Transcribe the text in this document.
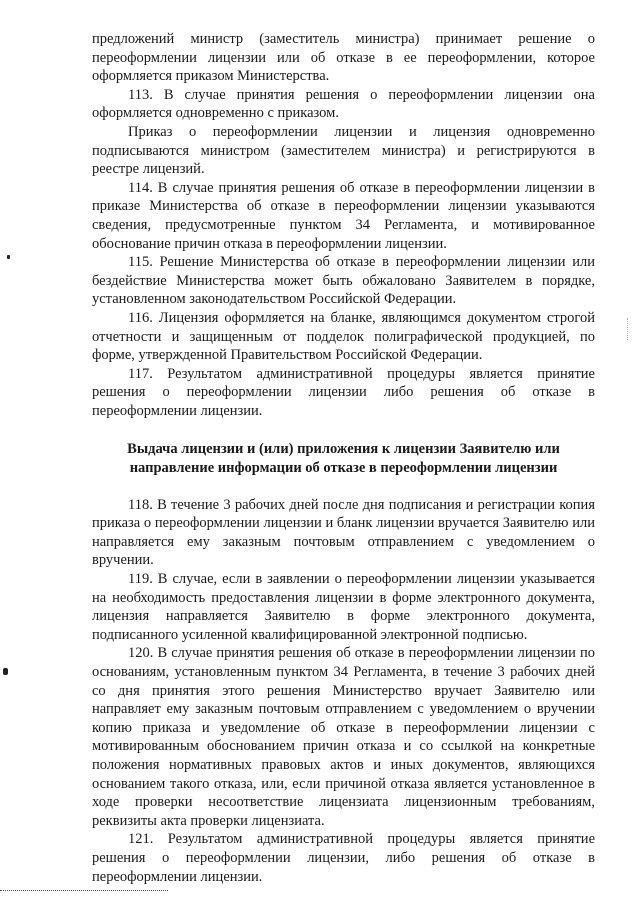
предложений министр (заместитель министра) принимает решение о переоформлении лицензии или об отказе в ее переоформлении, которое оформляется приказом Министерства.

113. В случае принятия решения о переоформлении лицензии она оформляется одновременно с приказом.

Приказ о переоформлении лицензии и лицензия одновременно подписываются министром (заместителем министра) и регистрируются в реестре лицензий.

114. В случае принятия решения об отказе в переоформлении лицензии в приказе Министерства об отказе в переоформлении лицензии указываются сведения, предусмотренные пунктом 34 Регламента, и мотивированное обоснование причин отказа в переоформлении лицензии.

115. Решение Министерства об отказе в переоформлении лицензии или бездействие Министерства может быть обжаловано Заявителем в порядке, установленном законодательством Российской Федерации.

116. Лицензия оформляется на бланке, являющимся документом строгой отчетности и защищенным от подделок полиграфической продукцией, по форме, утвержденной Правительством Российской Федерации.

117. Результатом административной процедуры является принятие решения о переоформлении лицензии либо решения об отказе в переоформлении лицензии.

Выдача лицензии и (или) приложения к лицензии Заявителю или направление информации об отказе в переоформлении лицензии

118. В течение 3 рабочих дней после дня подписания и регистрации копия приказа о переоформлении лицензии и бланк лицензии вручается Заявителю или направляется ему заказным почтовым отправлением с уведомлением о вручении.

119. В случае, если в заявлении о переоформлении лицензии указывается на необходимость предоставления лицензии в форме электронного документа, лицензия направляется Заявителю в форме электронного документа, подписанного усиленной квалифицированной электронной подписью.

120. В случае принятия решения об отказе в переоформлении лицензии по основаниям, установленным пунктом 34 Регламента, в течение 3 рабочих дней со дня принятия этого решения Министерство вручает Заявителю или направляет ему заказным почтовым отправлением с уведомлением о вручении копию приказа и уведомление об отказе в переоформлении лицензии с мотивированным обоснованием причин отказа и со ссылкой на конкретные положения нормативных правовых актов и иных документов, являющихся основанием такого отказа, или, если причиной отказа является установленное в ходе проверки несоответствие лицензиата лицензионным требованиям, реквизиты акта проверки лицензиата.

121. Результатом административной процедуры является принятие решения о переоформлении лицензии, либо решения об отказе в переоформлении лицензии.
